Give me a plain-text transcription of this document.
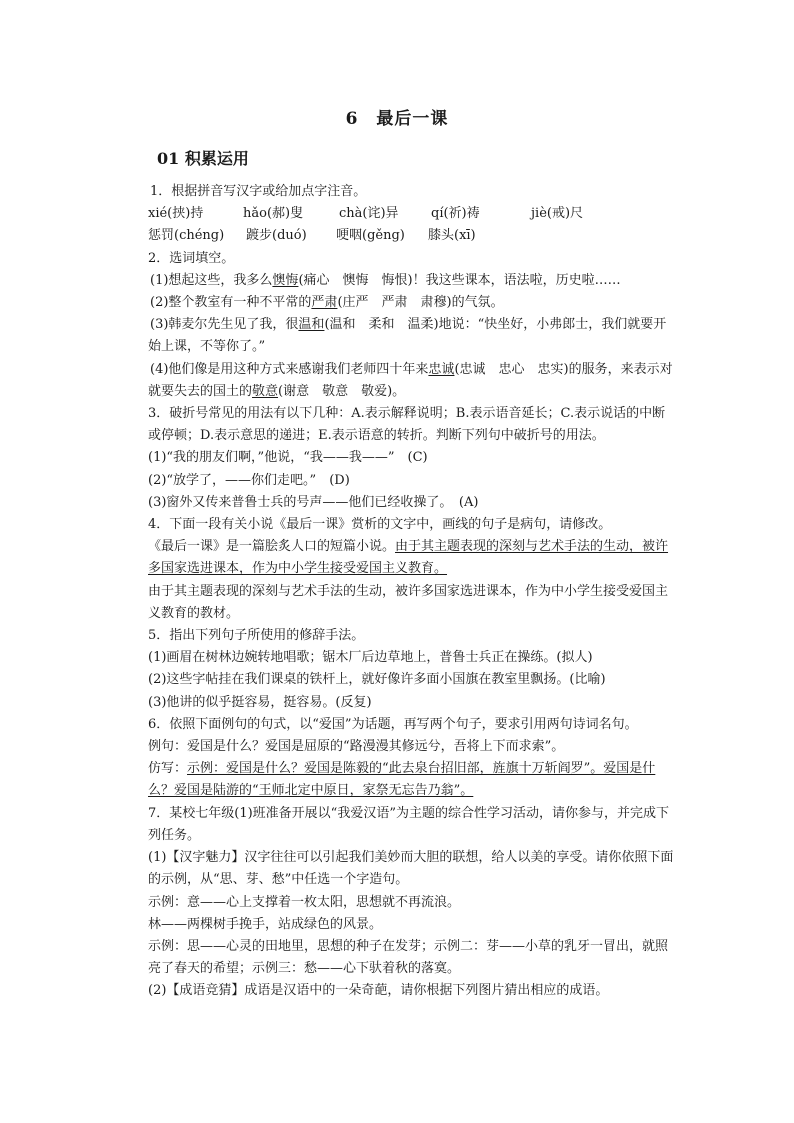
6 最后一课
01 积累运用

1．根据拼音写汉字或给加点字注音。

xié(挟)持	hǎo(郝)叟	chà(诧)异	qí(祈)祷	jiè(戒)尺
惩罚(chéng)	踱步(duó)	哽咽(gěng)	膝头(xī)

2．选词填空。

(1)想起这些，我多么懊悔(痛心　懊悔　悔恨)！我这些课本，语法啦，历史啦……

(2)整个教室有一种不平常的严肃(庄严　严肃　肃穆)的气氛。

(3)韩麦尔先生见了我，很温和(温和　柔和　温柔)地说：“快坐好，小弗郎士，我们就要开始上课，不等你了。”

(4)他们像是用这种方式来感谢我们老师四十年来忠诚(忠诚　忠心　忠实)的服务，来表示对就要失去的国土的敬意(谢意　敬意　敬爱)。

3．破折号常见的用法有以下几种：A.表示解释说明；B.表示语音延长；C.表示说话的中断或停顿；D.表示意思的递进；E.表示语意的转折。判断下列句中破折号的用法。

(1)“我的朋友们啊，”他说，“我——我——”　(C)

(2)“放学了，——你们走吧。”　(D)

(3)窗外又传来普鲁士兵的号声——他们已经收操了。　(A)

4．下面一段有关小说《最后一课》赏析的文字中，画线的句子是病句，请修改。

《最后一课》是一篇脍炙人口的短篇小说。由于其主题表现的深刻与艺术手法的生动，被许多国家选进课本，作为中小学生接受爱国主义教育。

由于其主题表现的深刻与艺术手法的生动，被许多国家选进课本，作为中小学生接受爱国主义教育的教材。

5．指出下列句子所使用的修辞手法。

(1)画眉在树林边婉转地唱歌；锯木厂后边草地上，普鲁士兵正在操练。(拟人)

(2)这些字帖挂在我们课桌的铁杆上，就好像许多面小国旗在教室里飘扬。(比喻)

(3)他讲的似乎挺容易，挺容易。(反复)

6．依照下面例句的句式，以“爱国”为话题，再写两个句子，要求引用两句诗词名句。

例句：爱国是什么？爱国是屈原的“路漫漫其修远兮，吾将上下而求索”。

仿写：示例：爱国是什么？爱国是陈毅的“此去泉台招旧部，旌旗十万斩阎罗”。爱国是什么？爱国是陆游的“王师北定中原日，家祭无忘告乃翁”。

7．某校七年级(1)班准备开展以“我爱汉语”为主题的综合性学习活动，请你参与，并完成下列任务。

(1)【汉字魅力】汉字往往可以引起我们美妙而大胆的联想，给人以美的享受。请你依照下面的示例，从“思、芽、愁”中任选一个字造句。

示例：意——心上支撑着一枚太阳，思想就不再流浪。

林——两棵树手挽手，站成绿色的风景。

示例：思——心灵的田地里，思想的种子在发芽；示例二：芽——小草的乳牙一冒出，就照亮了春天的希望；示例三：愁——心下驮着秋的落寞。

(2)【成语竞猜】成语是汉语中的一朵奇葩，请你根据下列图片猜出相应的成语。
